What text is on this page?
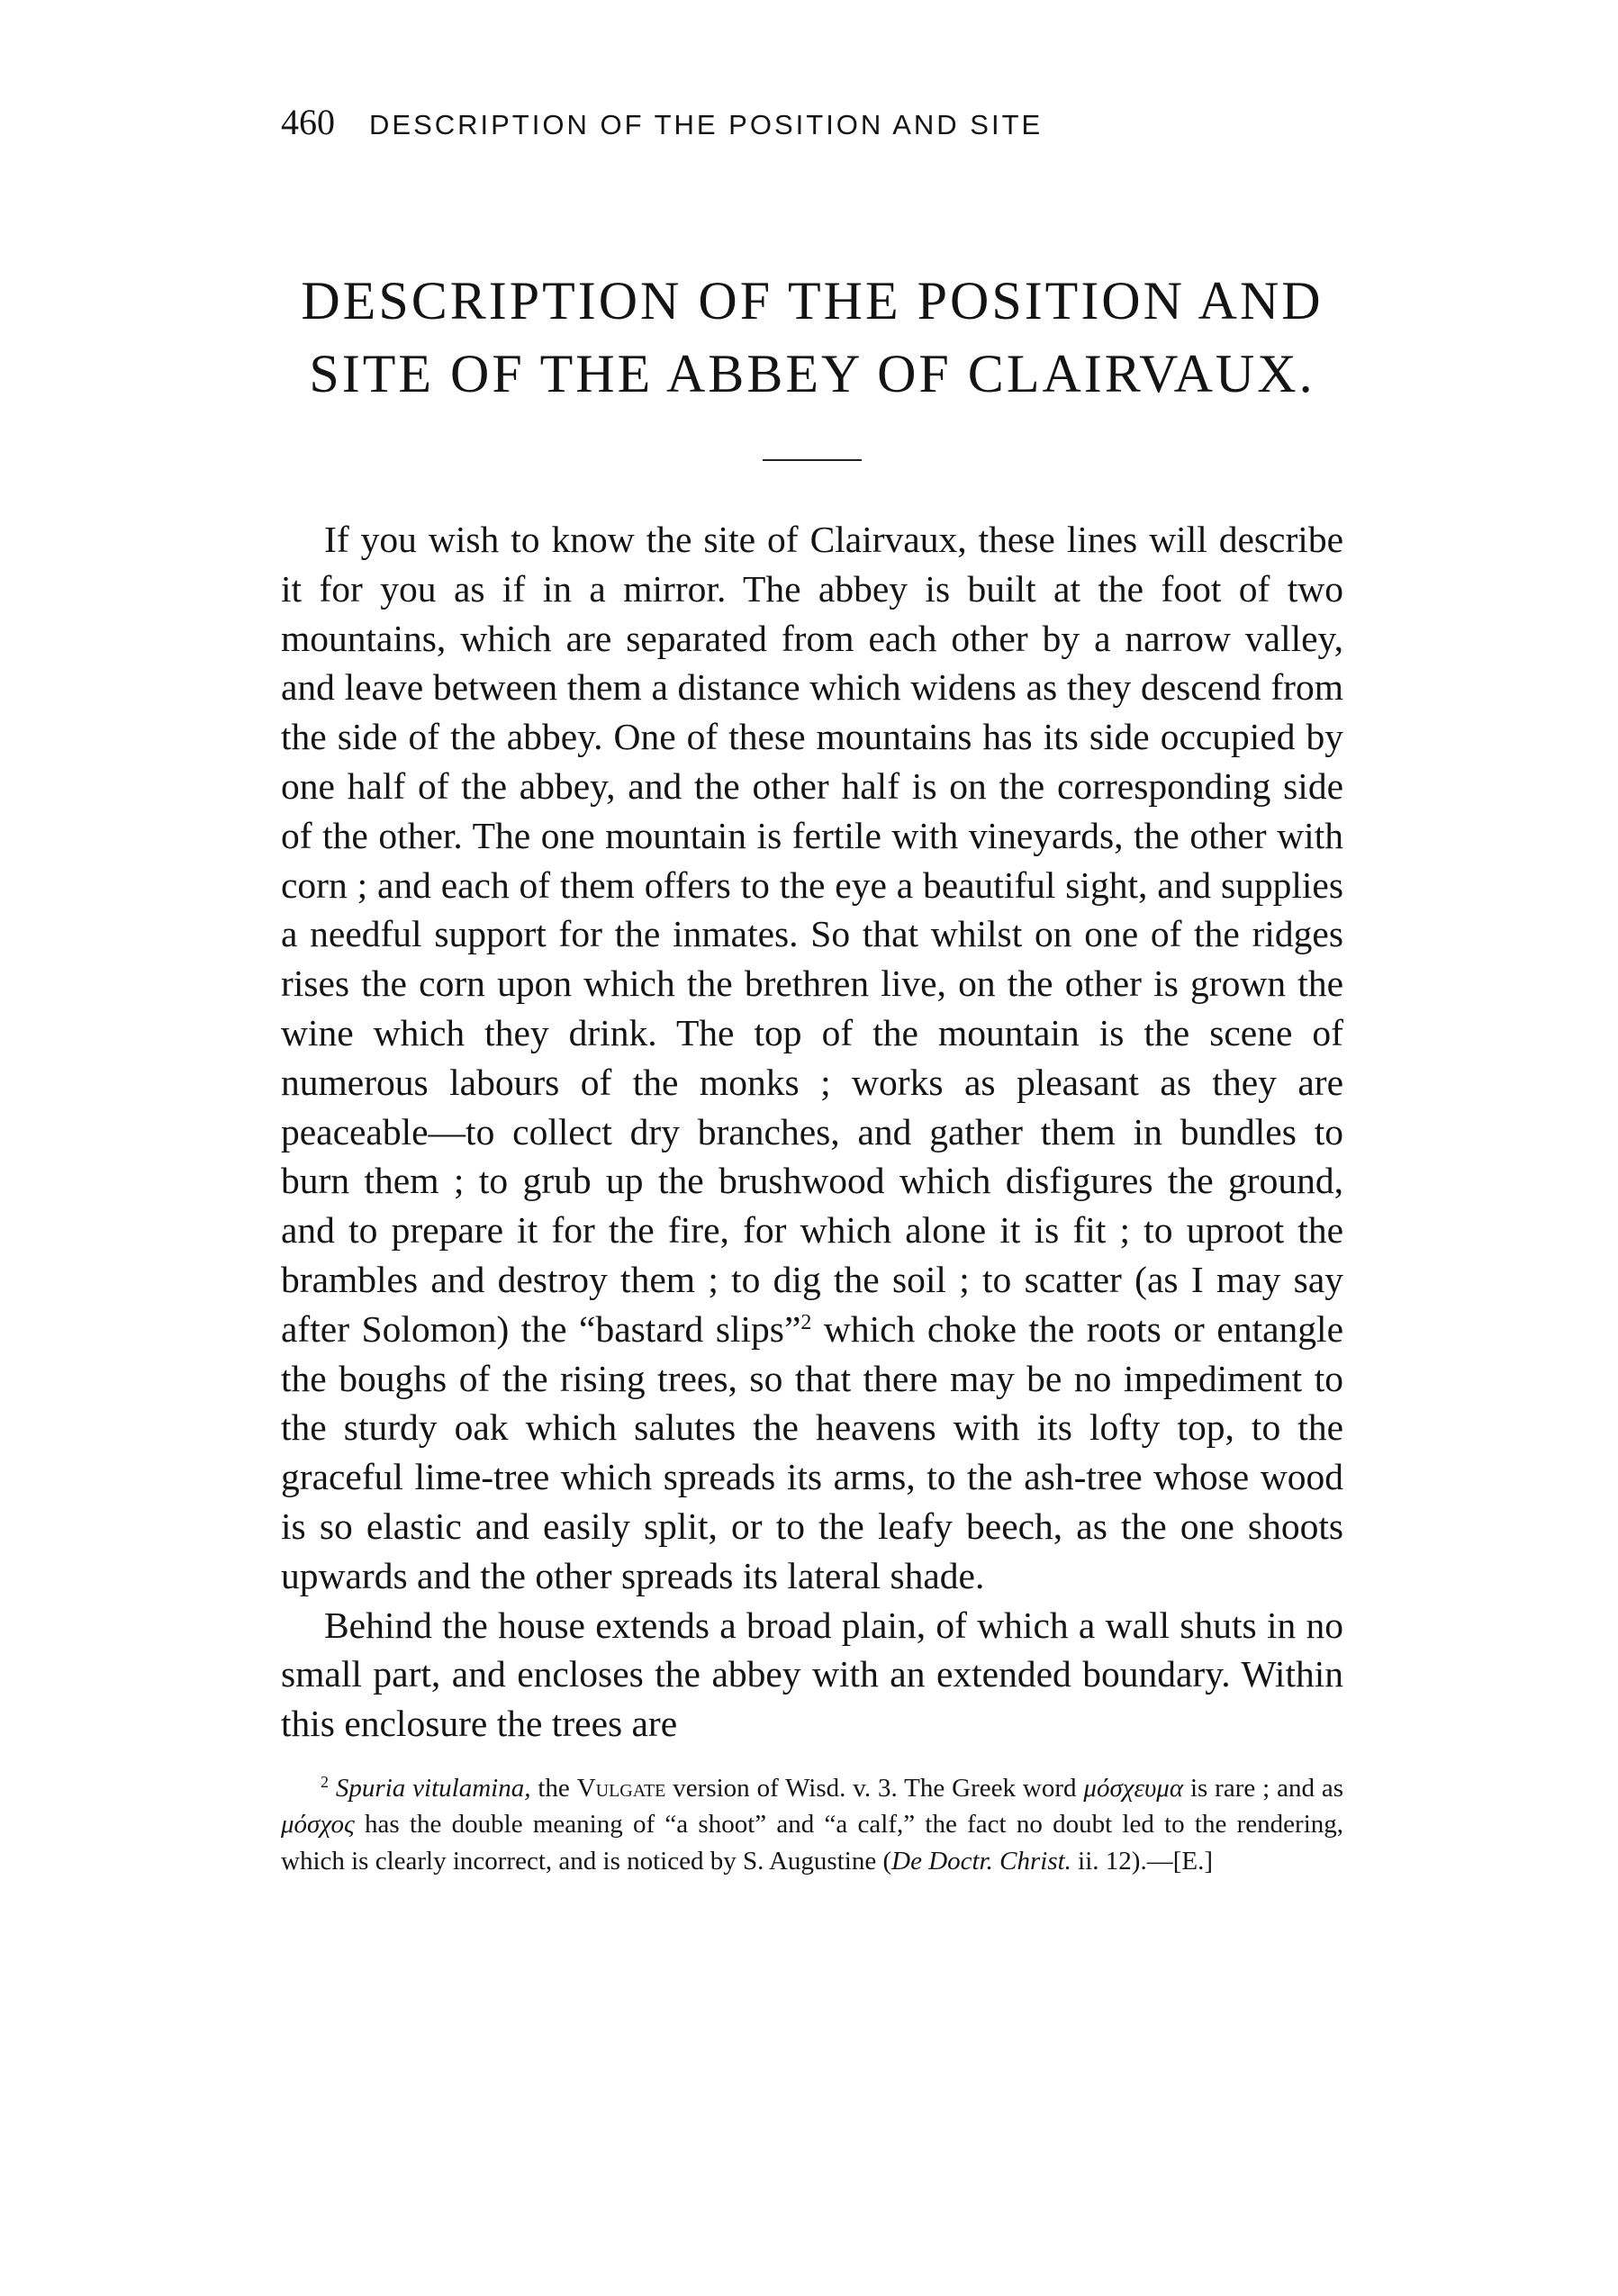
460 DESCRIPTION OF THE POSITION AND SITE
DESCRIPTION OF THE POSITION AND
SITE OF THE ABBEY OF CLAIRVAUX.

If you wish to know the site of Clairvaux, these lines will describe it for you as if in a mirror. The abbey is built at the foot of two mountains, which are separated from each other by a narrow valley, and leave between them a distance which widens as they descend from the side of the abbey. One of these mountains has its side occupied by one half of the abbey, and the other half is on the corresponding side of the other. The one mountain is fertile with vineyards, the other with corn ; and each of them offers to the eye a beautiful sight, and supplies a needful support for the inmates. So that whilst on one of the ridges rises the corn upon which the brethren live, on the other is grown the wine which they drink. The top of the mountain is the scene of numerous labours of the monks ; works as pleasant as they are peaceable—to collect dry branches, and gather them in bundles to burn them ; to grub up the brushwood which disfigures the ground, and to prepare it for the fire, for which alone it is fit ; to uproot the brambles and destroy them ; to dig the soil ; to scatter (as I may say after Solomon) the “bastard slips”$^2$ which choke the roots or entangle the boughs of the rising trees, so that there may be no impediment to the sturdy oak which salutes the heavens with its lofty top, to the graceful lime-tree which spreads its arms, to the ash-tree whose wood is so elastic and easily split, or to the leafy beech, as the one shoots upwards and the other spreads its lateral shade.

Behind the house extends a broad plain, of which a wall shuts in no small part, and encloses the abbey with an extended boundary. Within this enclosure the trees are

$^2$ Spuria vitulamina, the Vulgate version of Wisd. v. 3. The Greek word μόσχευμα is rare ; and as μόσχος has the double meaning of “a shoot” and “a calf,” the fact no doubt led to the rendering, which is clearly incorrect, and is noticed by S. Augustine (De Doctr. Christ. ii. 12).—[E.]
